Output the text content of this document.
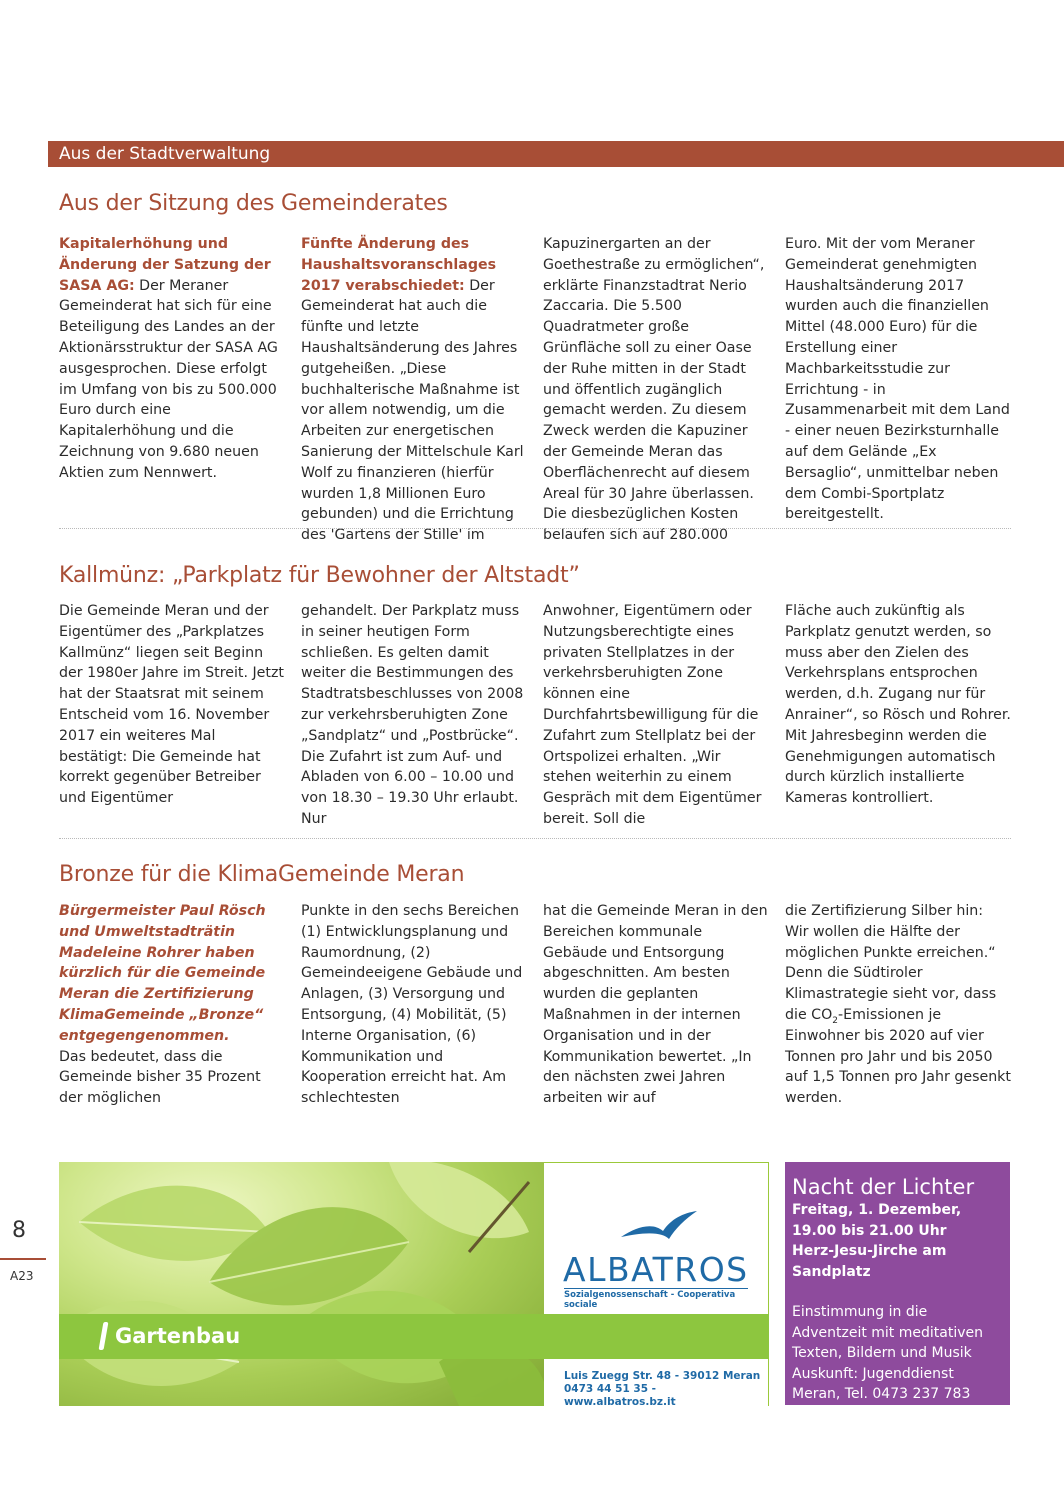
Aus der Stadtverwaltung
Aus der Sitzung des Gemeinderates

Kapitalerhöhung und Änderung der Satzung der SASA AG: Der Meraner Gemeinderat hat sich für eine Beteiligung des Landes an der Aktionärsstruktur der SASA AG ausgesprochen. Diese erfolgt im Umfang von bis zu 500.000 Euro durch eine Kapitalerhöhung und die Zeichnung von 9.680 neuen Aktien zum Nennwert.

Fünfte Änderung des Haushaltsvoranschlages 2017 verabschiedet: Der Gemeinderat hat auch die fünfte und letzte Haushaltsänderung des Jahres gutgeheißen. „Diese buchhalterische Maßnahme ist vor allem notwendig, um die Arbeiten zur energetischen Sanierung der Mittelschule Karl Wolf zu finanzieren (hierfür wurden 1,8 Millionen Euro gebunden) und die Errichtung des 'Gartens der Stille' im

Kapuzinergarten an der Goethestraße zu ermöglichen“, erklärte Finanzstadtrat Nerio Zaccaria. Die 5.500 Quadratmeter große Grünfläche soll zu einer Oase der Ruhe mitten in der Stadt und öffentlich zugänglich gemacht werden. Zu diesem Zweck werden die Kapuziner der Gemeinde Meran das Oberflächenrecht auf diesem Areal für 30 Jahre überlassen. Die diesbezüglichen Kosten belaufen sich auf 280.000

Euro. Mit der vom Meraner Gemeinderat genehmigten Haushaltsänderung 2017 wurden auch die finanziellen Mittel (48.000 Euro) für die Erstellung einer Machbarkeitsstudie zur Errichtung - in Zusammenarbeit mit dem Land - einer neuen Bezirksturnhalle auf dem Gelände „Ex Bersaglio“, unmittelbar neben dem Combi-Sportplatz bereitgestellt.

Kallmünz: „Parkplatz für Bewohner der Altstadt”

Die Gemeinde Meran und der Eigentümer des „Parkplatzes Kallmünz“ liegen seit Beginn der 1980er Jahre im Streit. Jetzt hat der Staatsrat mit seinem Entscheid vom 16. November 2017 ein weiteres Mal bestätigt: Die Gemeinde hat korrekt gegenüber Betreiber und Eigentümer

gehandelt. Der Parkplatz muss in seiner heutigen Form schließen. Es gelten damit weiter die Bestimmungen des Stadtratsbeschlusses von 2008 zur verkehrsberuhigten Zone „Sandplatz“ und „Postbrücke“. Die Zufahrt ist zum Auf- und Abladen von 6.00 – 10.00 und von 18.30 – 19.30 Uhr erlaubt. Nur

Anwohner, Eigentümern oder Nutzungsberechtigte eines privaten Stellplatzes in der verkehrsberuhigten Zone können eine Durchfahrtsbewilligung für die Zufahrt zum Stellplatz bei der Ortspolizei erhalten. „Wir stehen weiterhin zu einem Gespräch mit dem Eigentümer bereit. Soll die

Fläche auch zukünftig als Parkplatz genutzt werden, so muss aber den Zielen des Verkehrsplans entsprochen werden, d.h. Zugang nur für Anrainer“, so Rösch und Rohrer. Mit Jahresbeginn werden die Genehmigungen automatisch durch kürzlich installierte Kameras kontrolliert.

Bronze für die KlimaGemeinde Meran

Bürgermeister Paul Rösch und Umweltstadträtin Madeleine Rohrer haben kürzlich für die Gemeinde Meran die Zertifizierung KlimaGemeinde „Bronze“ entgegengenommen.

Das bedeutet, dass die Gemeinde bisher 35 Prozent der möglichen

Punkte in den sechs Bereichen (1) Entwicklungsplanung und Raumordnung, (2) Gemeindeeigene Gebäude und Anlagen, (3) Versorgung und Entsorgung, (4) Mobilität, (5) Interne Organisation, (6) Kommunikation und Kooperation erreicht hat. Am schlechtesten

hat die Gemeinde Meran in den Bereichen kommunale Gebäude und Entsorgung abgeschnitten. Am besten wurden die geplanten Maßnahmen in der internen Organisation und in der Kommunikation bewertet. „In den nächsten zwei Jahren arbeiten wir auf

die Zertifizierung Silber hin: Wir wollen die Hälfte der möglichen Punkte erreichen.“ Denn die Südtiroler Klimastrategie sieht vor, dass die $CO_2$-Emissionen je Einwohner bis 2020 auf vier Tonnen pro Jahr und bis 2050 auf 1,5 Tonnen pro Jahr gesenkt werden.

8
A23
Gartenbau
ALBATROS
Sozialgenossenschaft - Cooperativa sociale
Luis Zuegg Str. 48 - 39012 Meran
0473 44 51 35 - www.albatros.bz.it

Nacht der Lichter

Freitag, 1. Dezember,

19.00 bis 21.00 Uhr

Herz-Jesu-Jirche am Sandplatz

Einstimmung in die Adventzeit mit meditativen Texten, Bildern und Musik

Auskunft: Jugenddienst Meran, Tel. 0473 237 783
